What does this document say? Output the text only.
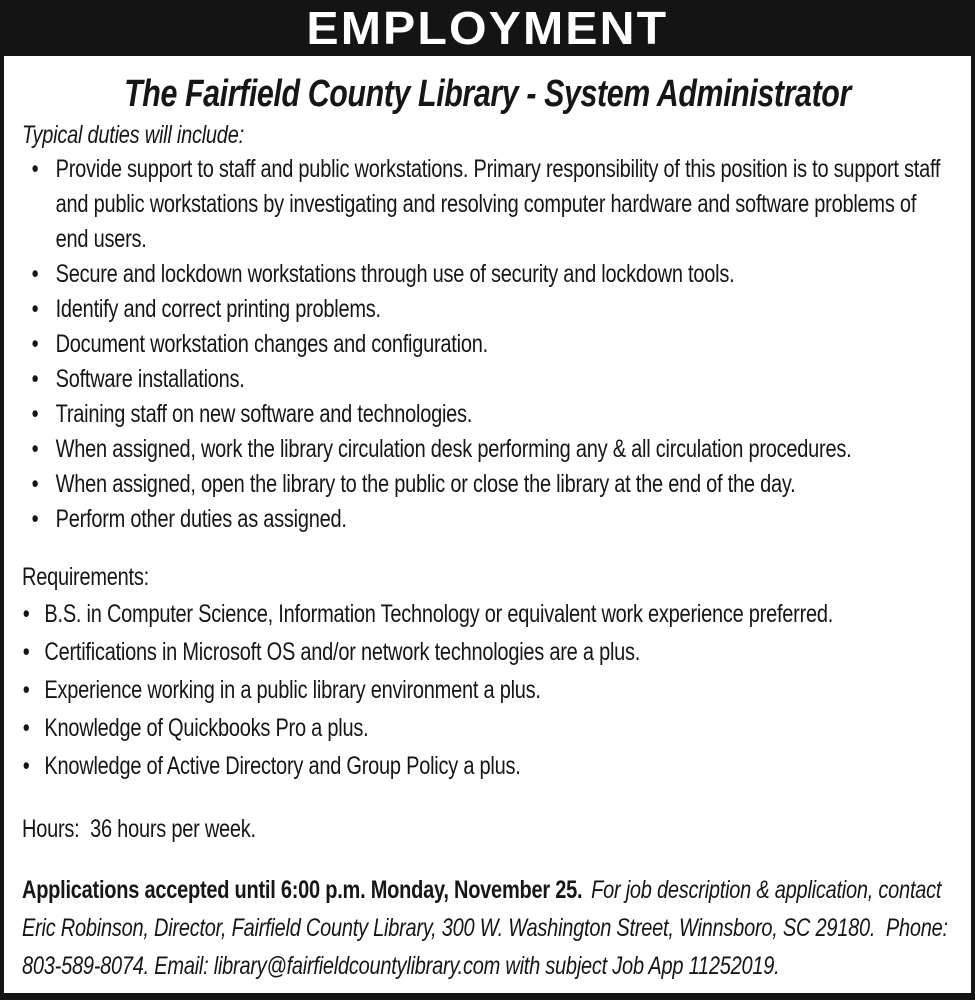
EMPLOYMENT
The Fairfield County Library - System Administrator
Typical duties will include:
• Provide support to staff and public workstations. Primary responsibility of this position is to support staff and public workstations by investigating and resolving computer hardware and software problems of end users.
• Secure and lockdown workstations through use of security and lockdown tools.
• Identify and correct printing problems.
• Document workstation changes and configuration.
• Software installations.
• Training staff on new software and technologies.
• When assigned, work the library circulation desk performing any & all circulation procedures.
• When assigned, open the library to the public or close the library at the end of the day.
• Perform other duties as assigned.
Requirements:
• B.S. in Computer Science, Information Technology or equivalent work experience preferred.
• Certifications in Microsoft OS and/or network technologies are a plus.
• Experience working in a public library environment a plus.
• Knowledge of Quickbooks Pro a plus.
• Knowledge of Active Directory and Group Policy a plus.
Hours:  36 hours per week.
Applications accepted until 6:00 p.m. Monday, November 25. For job description & application, contact Eric Robinson, Director, Fairfield County Library, 300 W. Washington Street, Winnsboro, SC 29180.  Phone: 803-589-8074. Email: library@fairfieldcountylibrary.com with subject Job App 11252019.
